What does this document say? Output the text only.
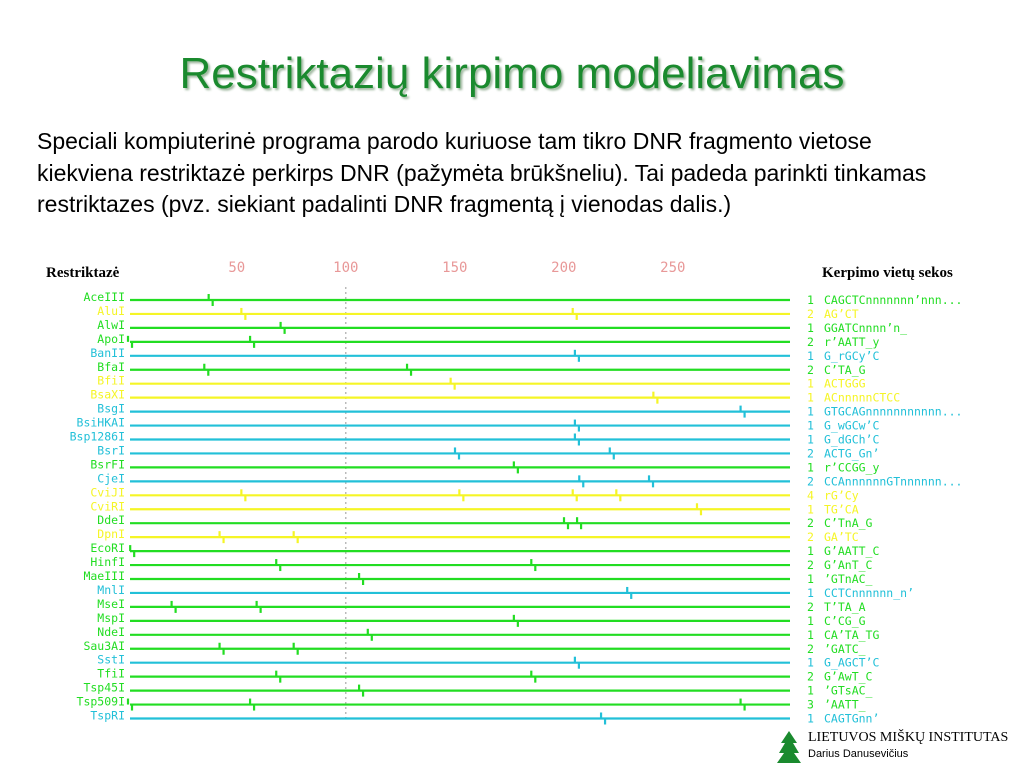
Restriktazių kirpimo modeliavimas
Speciali kompiuterinė programa parodo kuriuose tam tikro DNR fragmento vietose kiekviena restriktazė perkirps DNR (pažymėta brūkšneliu). Tai padeda parinkti tinkamas restriktazes (pvz. siekiant padalinti DNR fragmentą į vienodas dalis.)
Restriktazė	Kerpimo vietų sekos
50	100	150	200	250
AceIII	1 CAGCTCnnnnnnn’nnn...
AluI	2 AG’CT
AlwI	1 GGATCnnnn’n_
ApoI	2 r’AATT_y
BanII	1 G_rGCy’C
BfaI	2 C’TA_G
BfiI	1 ACTGGG
BsaXI	1 ACnnnnnCTCC
BsgI	1 GTGCAGnnnnnnnnnnn...
BsiHKAI	1 G_wGCw’C
Bsp1286I	1 G_dGCh’C
BsrI	2 ACTG_Gn’
BsrFI	1 r’CCGG_y
CjeI	2 CCAnnnnnnGTnnnnnn...
CviJI	4 rG’Cy
CviRI	1 TG’CA
DdeI	2 C’TnA_G
DpnI	2 GA’TC
EcoRI	1 G’AATT_C
HinfI	2 G’AnT_C
MaeIII	1 ’GTnAC_
MnlI	1 CCTCnnnnnn_n’
MseI	2 T’TA_A
MspI	1 C’CG_G
NdeI	1 CA’TA_TG
Sau3AI	2 ’GATC_
SstI	1 G_AGCT’C
TfiI	2 G’AwT_C
Tsp45I	1 ’GTsAC_
Tsp509I	3 ’AATT_
TspRI	1 CAGTGnn’
LIETUVOS MIŠKŲ INSTITUTAS
Darius Danusevičius
